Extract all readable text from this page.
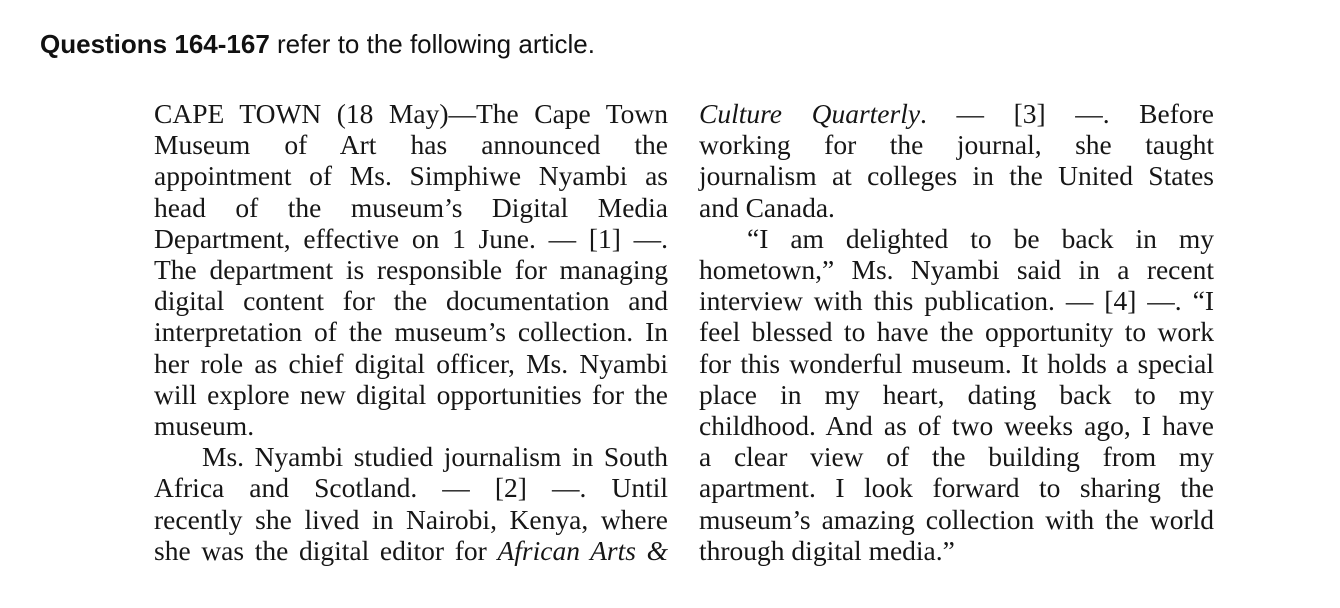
Questions 164-167 refer to the following article.
CAPE TOWN (18 May)—The Cape Town
Museum of Art has announced the
appointment of Ms. Simphiwe Nyambi as
head of the museum’s Digital Media
Department, effective on 1 June. — [1] —.
The department is responsible for managing
digital content for the documentation and
interpretation of the museum’s collection. In
her role as chief digital officer, Ms. Nyambi
will explore new digital opportunities for the
museum.
Ms. Nyambi studied journalism in South
Africa and Scotland. — [2] —. Until
recently she lived in Nairobi, Kenya, where
she was the digital editor for African Arts &
Culture Quarterly. — [3] —. Before
working for the journal, she taught
journalism at colleges in the United States
and Canada.
“I am delighted to be back in my
hometown,” Ms. Nyambi said in a recent
interview with this publication. — [4] —. “I
feel blessed to have the opportunity to work
for this wonderful museum. It holds a special
place in my heart, dating back to my
childhood. And as of two weeks ago, I have
a clear view of the building from my
apartment. I look forward to sharing the
museum’s amazing collection with the world
through digital media.”
